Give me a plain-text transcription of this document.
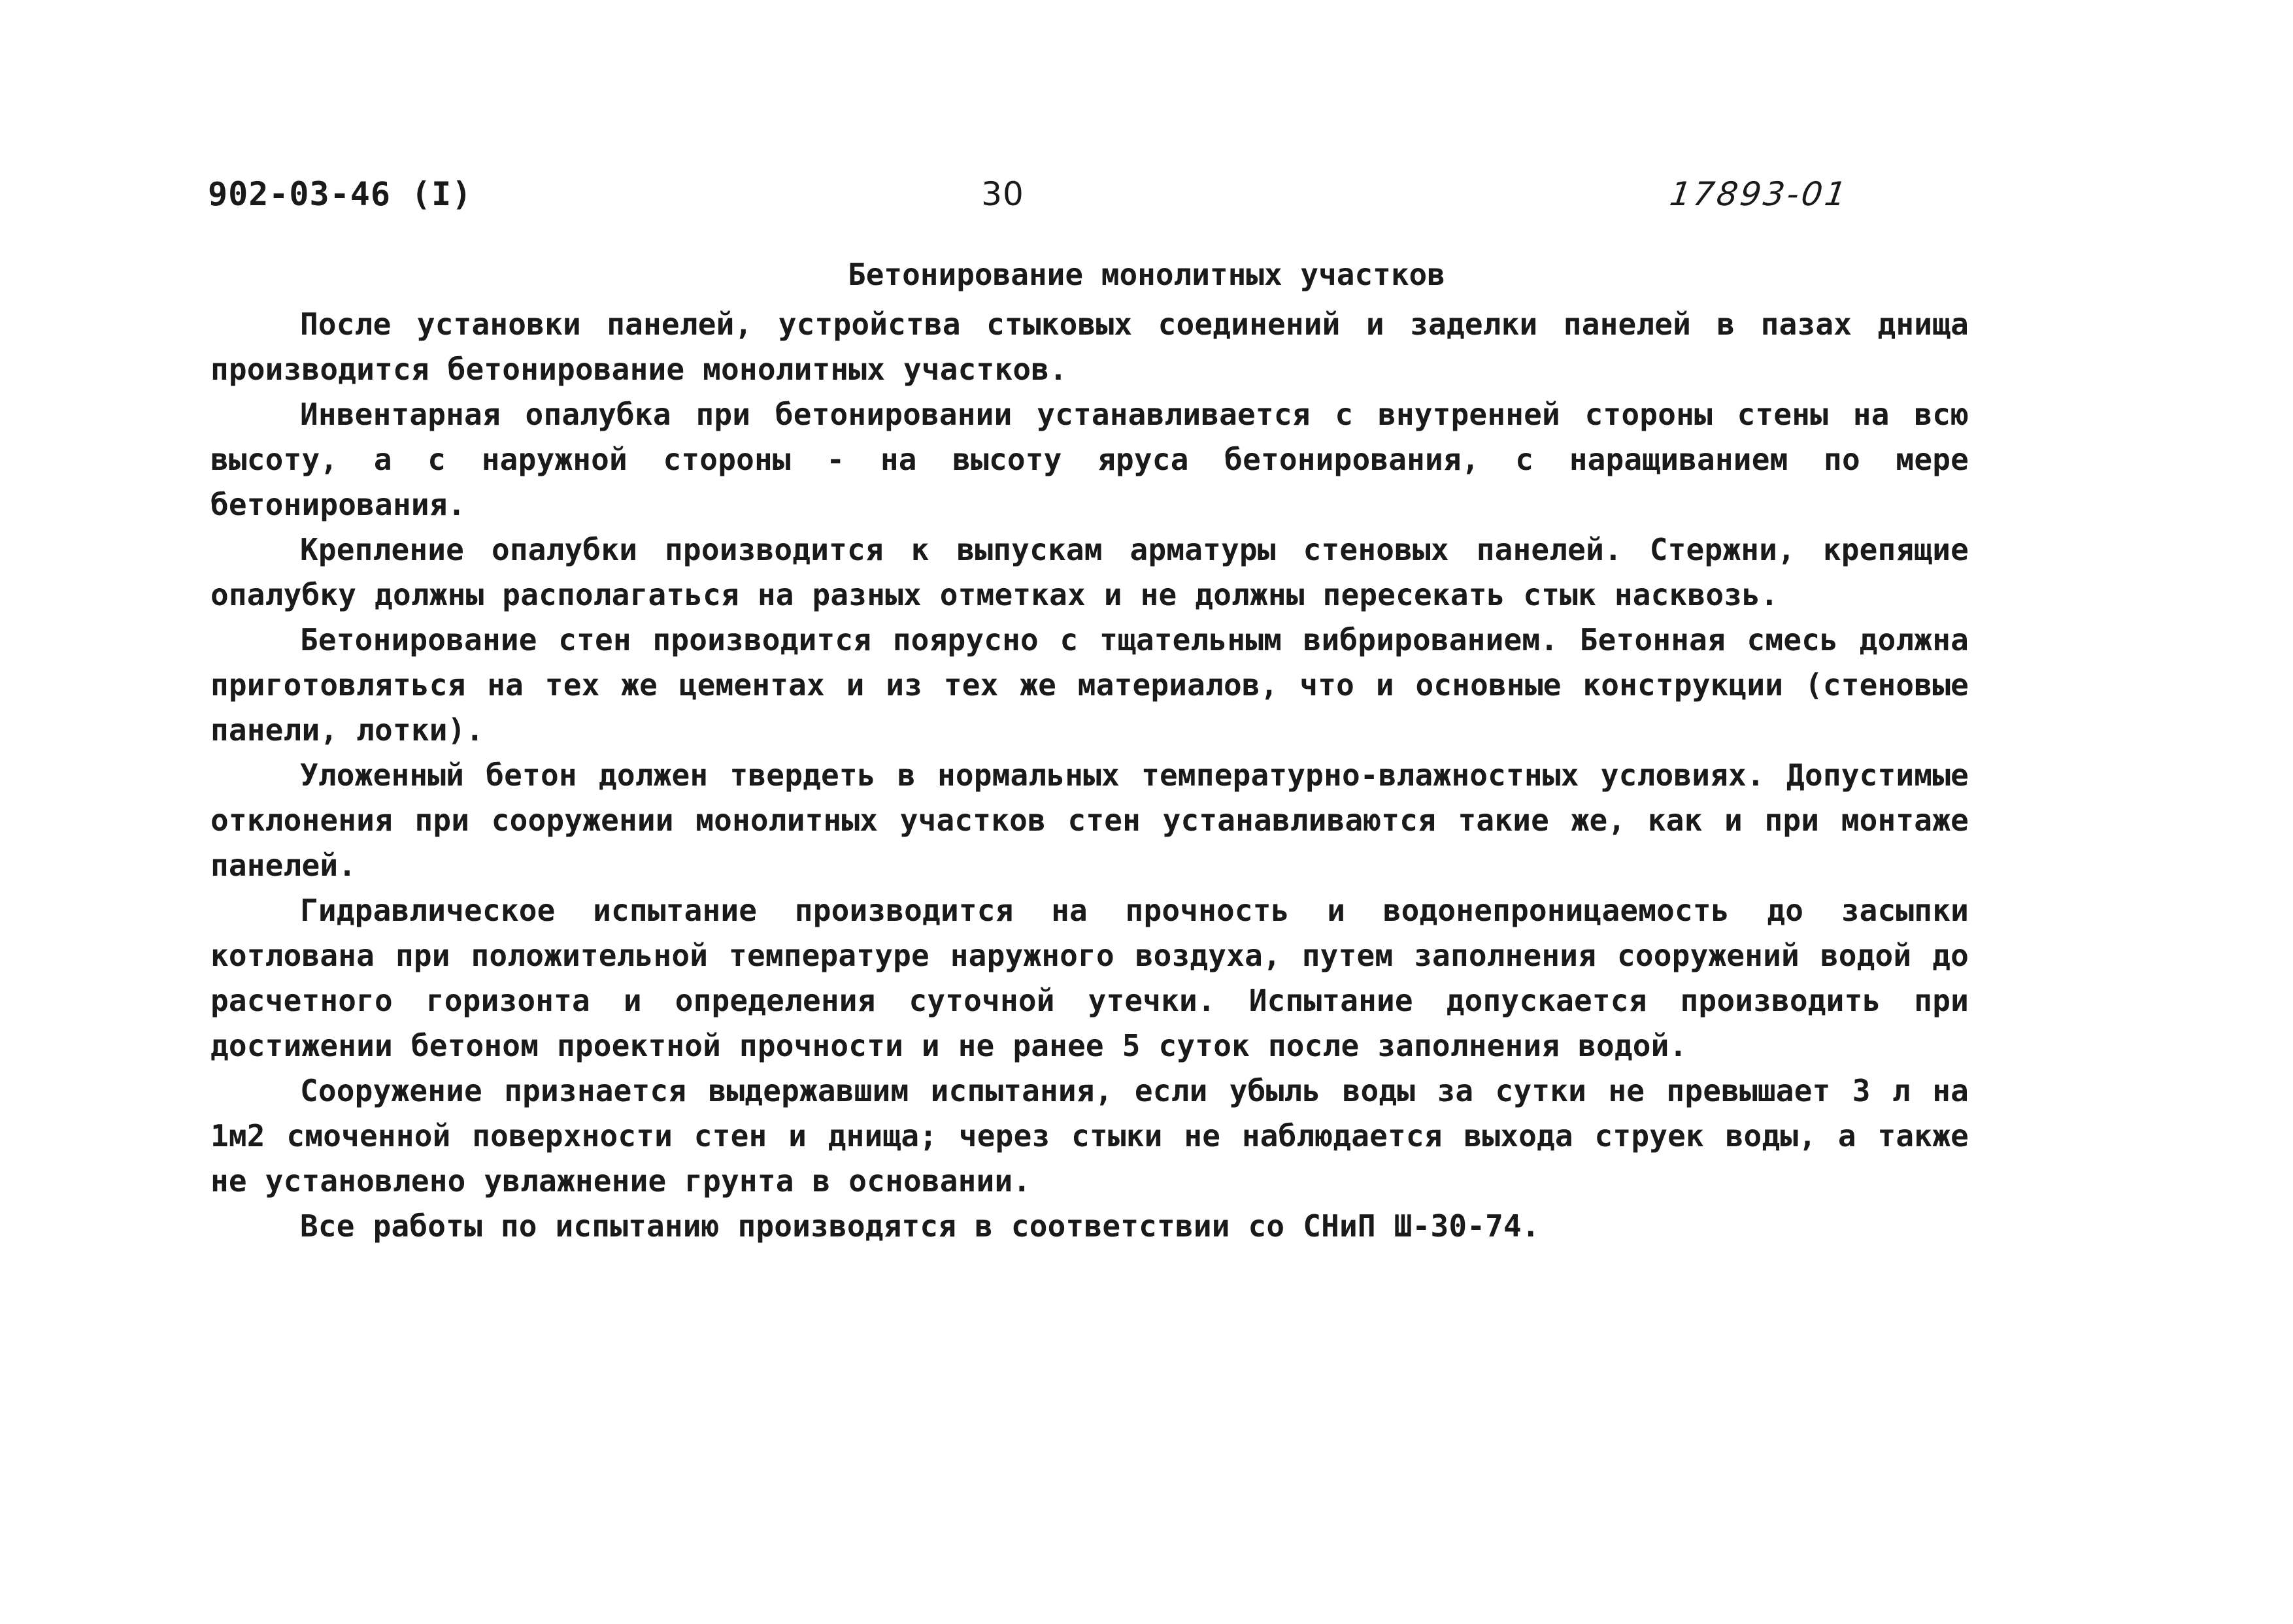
902-03-46 (I)	30	17893-01
Бетонирование монолитных участков

После установки панелей, устройства стыковых соединений и заделки панелей в пазах днища производится бетонирование монолитных участков.

Инвентарная опалубка при бетонировании устанавливается с внутренней стороны стены на всю высоту, а с наружной стороны - на высоту яруса бетонирования, с наращиванием по мере бетонирования.

Крепление опалубки производится к выпускам арматуры стеновых панелей. Стержни, крепящие опалубку должны располагаться на разных отметках и не должны пересекать стык насквозь.

Бетонирование стен производится поярусно с тщательным вибрированием. Бетонная смесь должна приготовляться на тех же цементах и из тех же материалов, что и основные конструкции (стеновые панели, лотки).

Уложенный бетон должен твердеть в нормальных температурно-влажностных условиях. Допустимые отклонения при сооружении монолитных участков стен устанавливаются такие же, как и при монтаже панелей.

Гидравлическое испытание производится на прочность и водонепроницаемость до засыпки котлована при положительной температуре наружного воздуха, путем заполнения сооружений водой до расчетного горизонта и определения суточной утечки. Испытание допускается производить при достижении бетоном проектной прочности и не ранее 5 суток после заполнения водой.

Сооружение признается выдержавшим испытания, если убыль воды за сутки не превышает 3 л на 1м2 смоченной поверхности стен и днища; через стыки не наблюдается выхода струек воды, а также не установлено увлажнение грунта в основании.

Все работы по испытанию производятся в соответствии со СНиП Ш-30-74.
